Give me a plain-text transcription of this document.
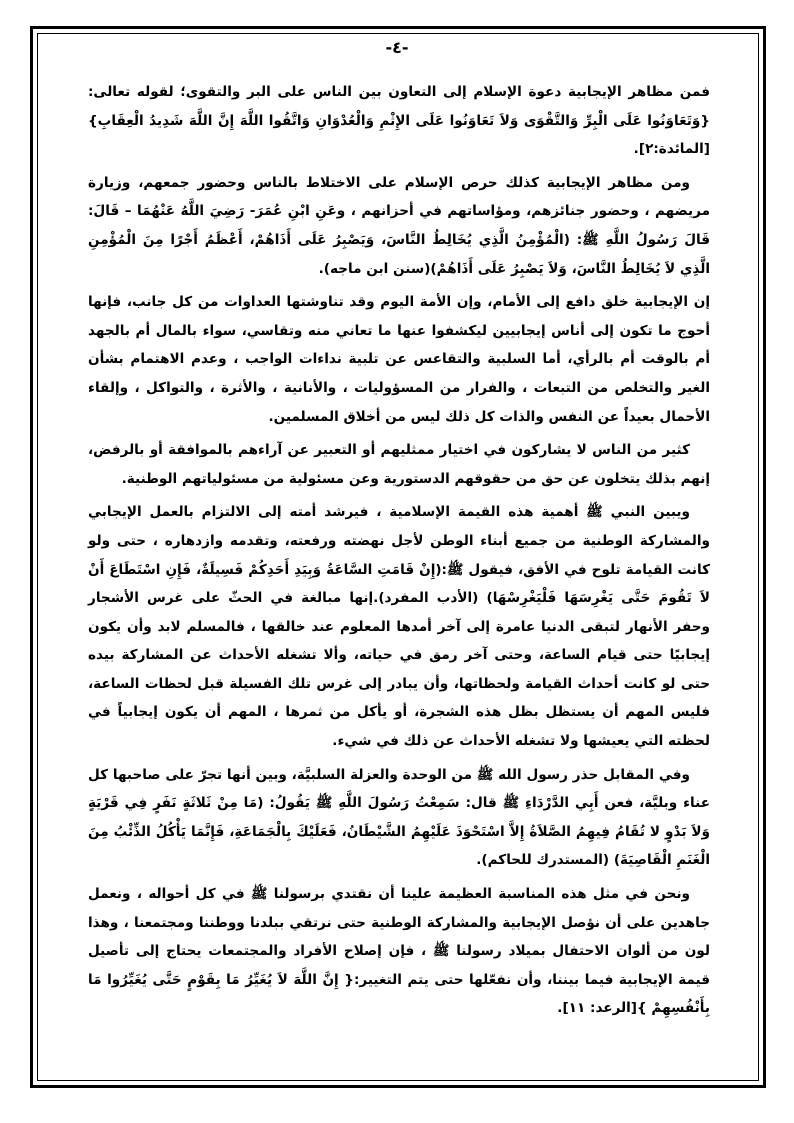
-٤-

فمن مظاهر الإيجابية دعوة الإسلام إلى التعاون بين الناس على البر والتقوى؛ لقوله تعالى: {وَتَعَاوَنُوا عَلَى الْبِرِّ وَالتَّقْوَى وَلاَ تَعَاوَنُوا عَلَى الإِثْمِ وَالْعُدْوَانِ وَاتَّقُوا اللَّهَ إِنَّ اللَّهَ شَدِيدُ الْعِقَابِ}[المائدة:٢].

ومن مظاهر الإيجابية كذلك حرص الإسلام على الاختلاط بالناس وحضور جمعهم، وزيارة مريضهم ، وحضور جنائزهم، ومؤاساتهم في أحزانهم ، وعَنِ ابْنِ عُمَرَ- رَضِيَ اللَّهُ عَنْهُمَا – قَالَ: قَالَ رَسُولُ اللَّهِ ﷺ: (الْمُؤْمِنُ الَّذِي يُخَالِطُ النَّاسَ، وَيَصْبِرُ عَلَى أَذَاهُمْ، أَعْظَمُ أَجْرًا مِنَ الْمُؤْمِنِ الَّذِي لاَ يُخَالِطُ النَّاسَ، وَلاَ يَصْبِرُ عَلَى أَذَاهُمْ)(سنن ابن ماجه).

إن الإيجابية خلق دافع إلى الأمام، وإن الأمة اليوم وقد تناوشتها العداوات من كل جانب، فإنها أحوج ما تكون إلى أناس إيجابيين ليكشفوا عنها ما تعاني منه وتقاسي، سواء بالمال أم بالجهد أم بالوقت أم بالرأي، أما السلبية والتقاعس عن تلبية نداءات الواجب ، وعدم الاهتمام بشأن الغير والتخلص من التبعات ، والفرار من المسؤوليات ، والأنانية ، والأثرة ، والتواكل ، وإلقاء الأحمال بعيداً عن النفس والذات كل ذلك ليس من أخلاق المسلمين.

كثير من الناس لا يشاركون في اختيار ممثليهم أو التعبير عن آراءهم بالموافقة أو بالرفض، إنهم بذلك يتخلون عن حق من حقوقهم الدستورية وعن مسئولية من مسئولياتهم الوطنية.

ويبين النبي ﷺ أهمية هذه القيمة الإسلامية ، فيرشد أمته إلى الالتزام بالعمل الإيجابي والمشاركة الوطنية من جميع أبناء الوطن لأجل نهضته ورفعته، وتقدمه وازدهاره ، حتى ولو كانت القيامة تلوح في الأفق، فيقول ﷺ:(إِنْ قَامَتِ السَّاعَةُ وَبِيَدِ أَحَدِكُمْ فَسِيلَةٌ، فَإِنِ اسْتَطَاعَ أَنْ لاَ تَقُومَ حَتَّى يَغْرِسَهَا فَلْيَغْرِسْهَا) (الأدب المفرد).إنها مبالغة في الحثّ على غرس الأشجار وحفر الأنهار لتبقى الدنيا عامرة إلى آخر أمدها المعلوم عند خالقها ، فالمسلم لابد وأن يكون إيجابيًا حتى قيام الساعة، وحتى آخر رمق في حياته، وألا تشغله الأحداث عن المشاركة بيده حتى لو كانت أحداث القيامة ولحظاتها، وأن يبادر إلى غرس تلك الفسيلة قبل لحظات الساعة، فليس المهم أن يستظل بظل هذه الشجرة، أو يأكل من ثمرها ، المهم أن يكون إيجابياً في لحظته التي يعيشها ولا تشغله الأحداث عن ذلك في شيء.

وفي المقابل حذر رسول الله ﷺ من الوحدة والعزلة السلبيَّة، وبين أنها تجرّ على صاحبها كل عناء وبليَّة، فعن أَبِي الدَّرْدَاءِ ﷺ قال: سَمِعْتُ رَسُولَ اللَّهِ ﷺ يَقُولُ: (مَا مِنْ ثَلاثَةٍ نَفَرٍ فِي قَرْيَةٍ وَلاَ بَدْوٍ لا تُقَامُ فِيهِمُ الصَّلاَةُ إِلاَّ اسْتَحْوَذَ عَلَيْهِمُ الشَّيْطَانُ، فَعَلَيْكَ بِالْجَمَاعَةِ، فَإِنَّمَا يَأْكُلُ الذِّئْبُ مِنَ الْغَنَمِ الْقَاصِيَةَ) (المستدرك للحاكم).

ونحن في مثل هذه المناسبة العظيمة علينا أن نقتدي برسولنا ﷺ في كل أحواله ، ونعمل جاهدين على أن نؤصل الإيجابية والمشاركة الوطنية حتى نرتقي ببلدنا ووطننا ومجتمعنا ، وهذا لون من ألوان الاحتفال بميلاد رسولنا ﷺ ، فإن إصلاح الأفراد والمجتمعات يحتاج إلى تأصيل قيمة الإيجابية فيما بيننا، وأن نفعّلها حتى يتم التغيير:{ إِنَّ اللَّهَ لاَ يُغَيِّرُ مَا بِقَوْمٍ حَتَّى يُغَيِّرُوا مَا بِأَنْفُسِهِمْ }[الرعد: ١١].
